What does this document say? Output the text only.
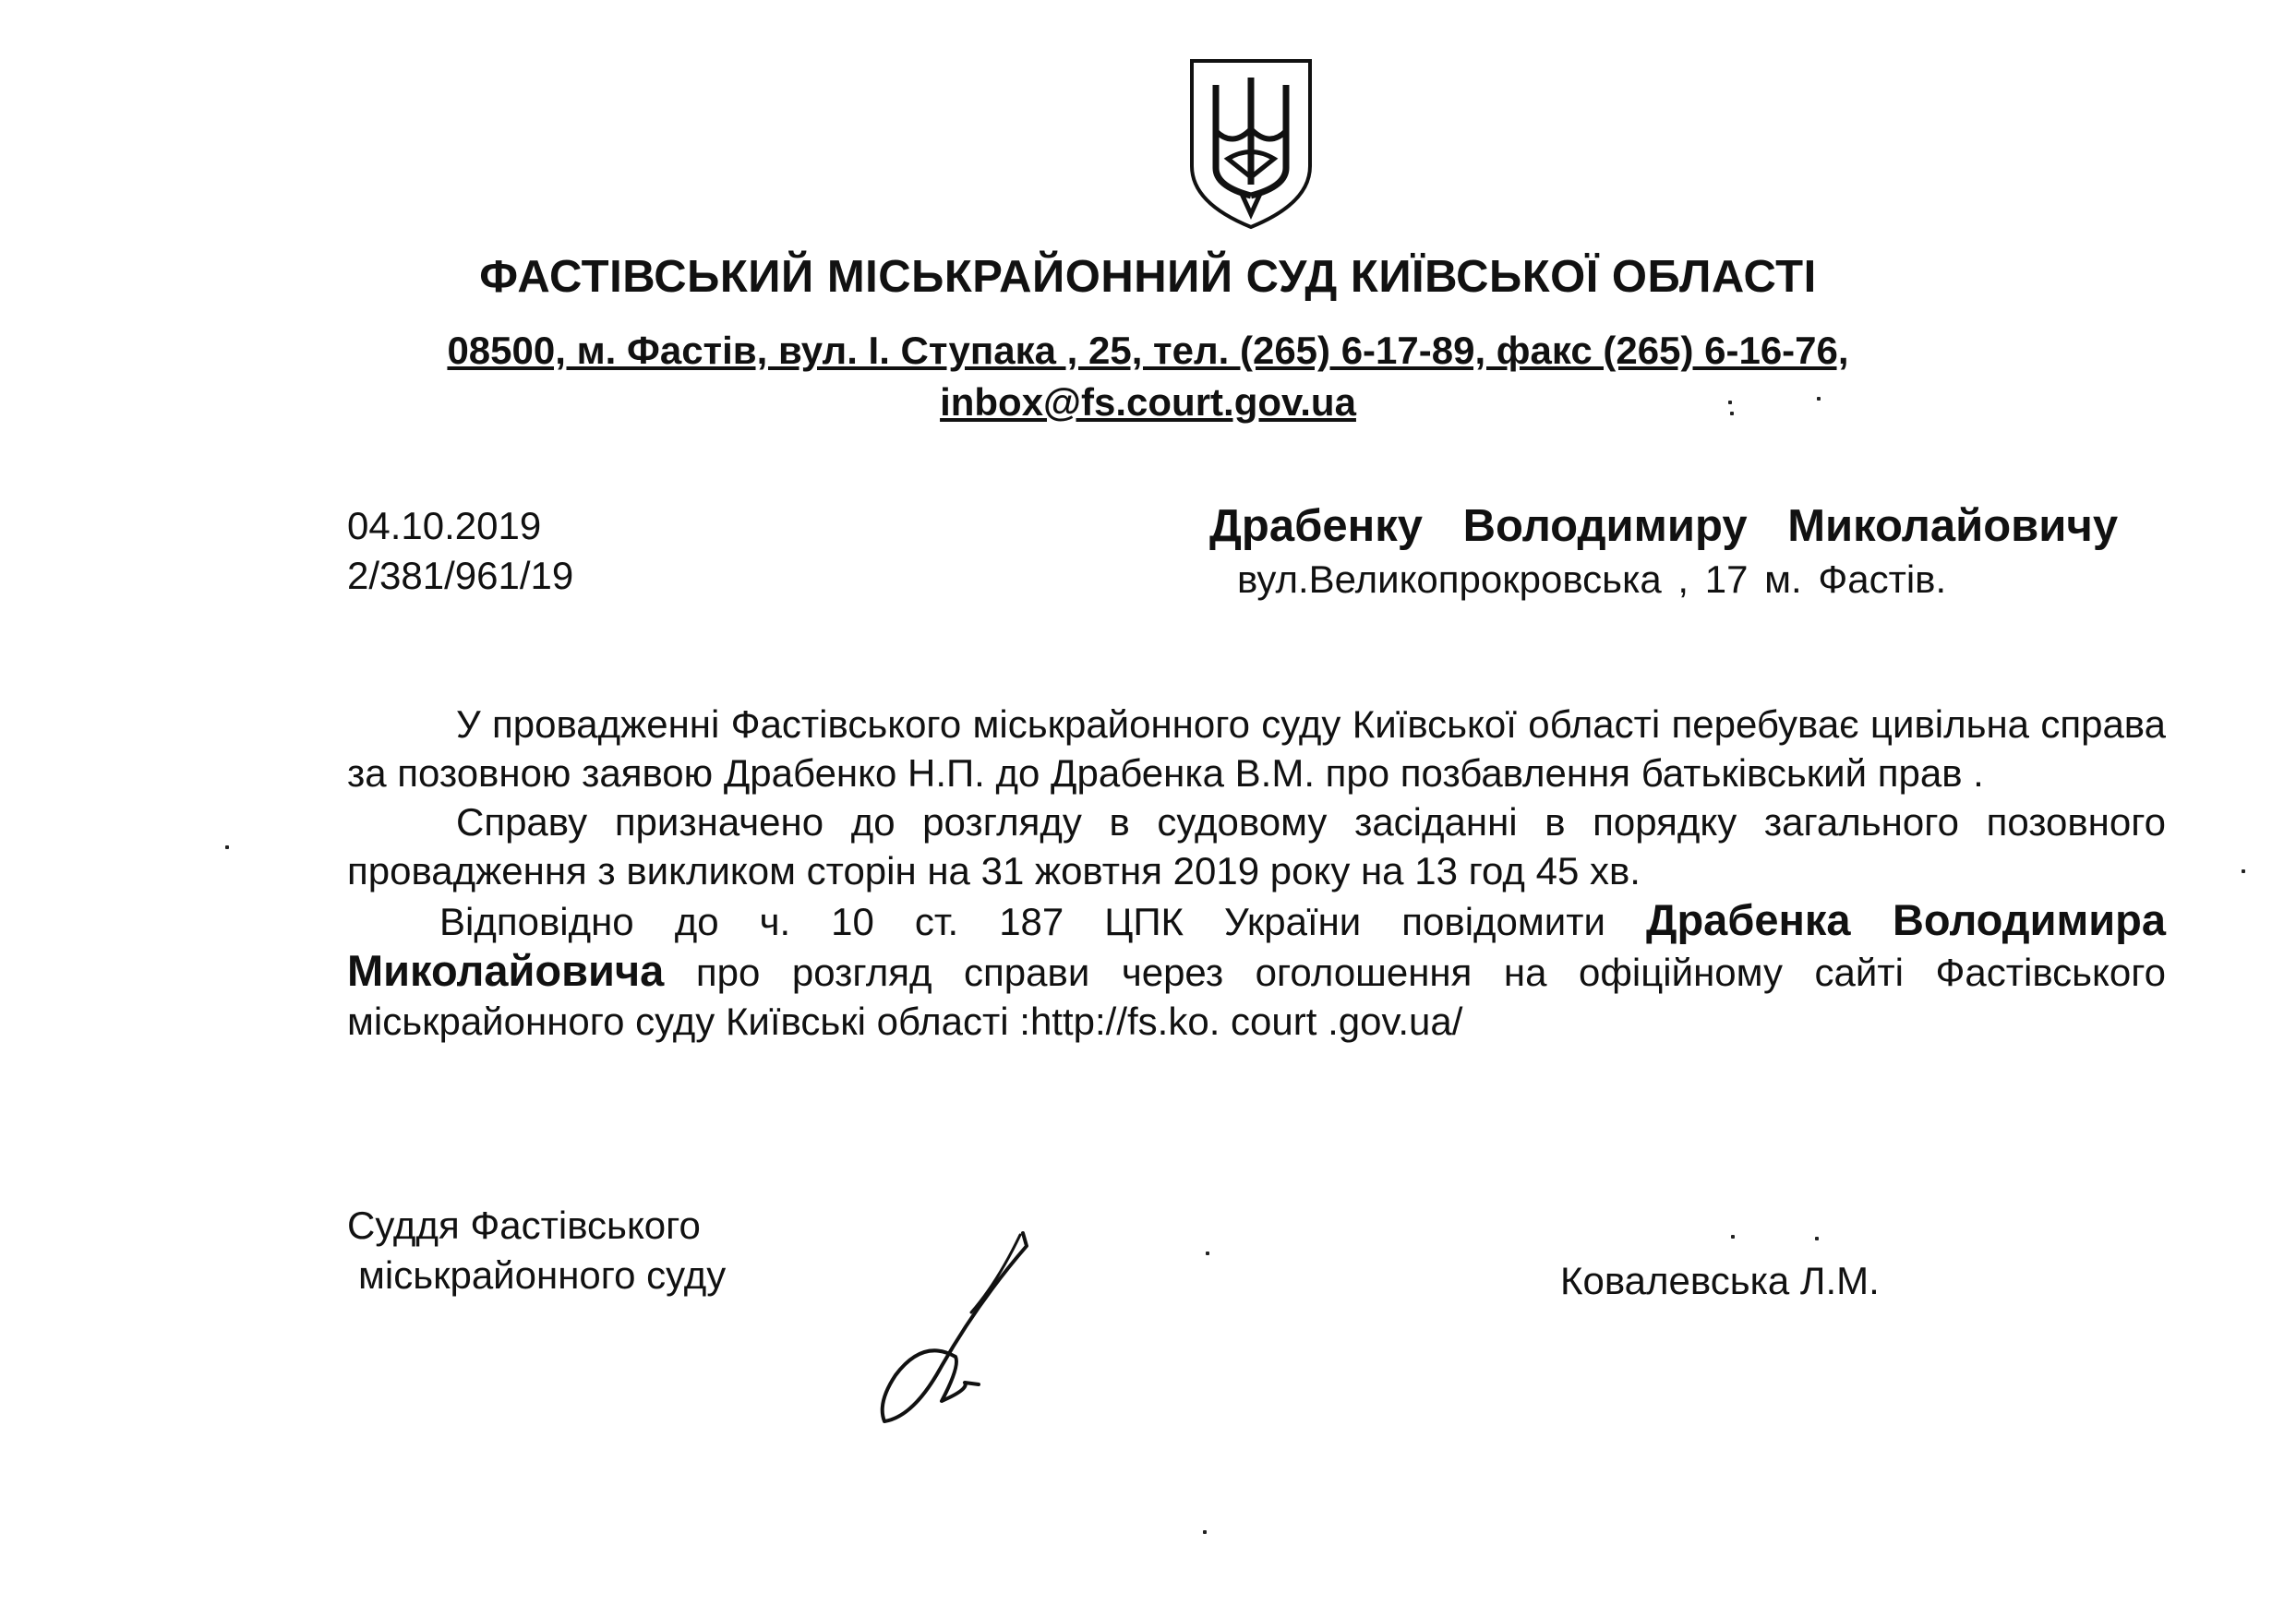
ФАСТІВСЬКИЙ МІСЬКРАЙОННИЙ СУД КИЇВСЬКОЇ ОБЛАСТІ
08500, м. Фастів, вул. І. Ступака , 25, тел. (265) 6-17-89, факс (265) 6-16-76,
inbox@fs.court.gov.ua
04.10.2019
2/381/961/19
Драбенку Володимиру Миколайовичу
вул.Великопрокровська , 17 м. Фастів.

У провадженні Фастівського міськрайонного суду Київської області перебуває цивільна справа за позовною заявою Драбенко Н.П. до Драбенка В.М. про позбавлення батьківський прав .

Справу призначено до розгляду в судовому засіданні в порядку загального позовного провадження з викликом сторін на 31 жовтня 2019 року на 13 год 45 хв.

Відповідно до ч. 10 ст. 187 ЦПК України повідомити Драбенка Володимира Миколайовича про розгляд справи через оголошення на офіційному сайті Фастівського міськрайонного суду Київські області :http://fs.ko. court .gov.ua/

Суддя Фастівського
міськрайонного суду	Ковалевська Л.М.
